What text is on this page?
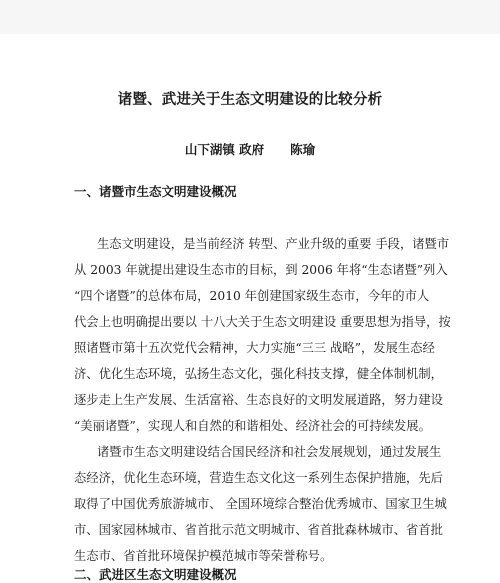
诸暨、武进关于生态文明建设的比较分析
山下湖镇 政府 陈瑜
一、诸暨市生态文明建设概况
生态文明建设，是当前经济 转型、产业升级的重要 手段，诸暨市
从 2003 年就提出建设生态市的目标，到 2006 年将“生态诸暨”列入
“四个诸暨”的总体布局，2010 年创建国家级生态市，今年的市人
代会上也明确提出要以 十八大关于生态文明建设 重要思想为指导，按
照诸暨市第十五次党代会精神，大力实施“三三 战略”，发展生态经
济、优化生态环境，弘扬生态文化，强化科技支撑，健全体制机制，
逐步走上生产发展、生活富裕、生态良好的文明发展道路，努力建设
“美丽诸暨”，实现人和自然的和谐相处、经济社会的可持续发展。
诸暨市生态文明建设结合国民经济和社会发展规划，通过发展生
态经济，优化生态环境，营造生态文化这一系列生态保护措施，先后
取得了中国优秀旅游城市、 全国环境综合整治优秀城市、国家卫生城
市、国家园林城市、省首批示范文明城市、省首批森林城市、省首批
生态市、省首批环境保护模范城市等荣誉称号。
二、武进区生态文明建设概况
